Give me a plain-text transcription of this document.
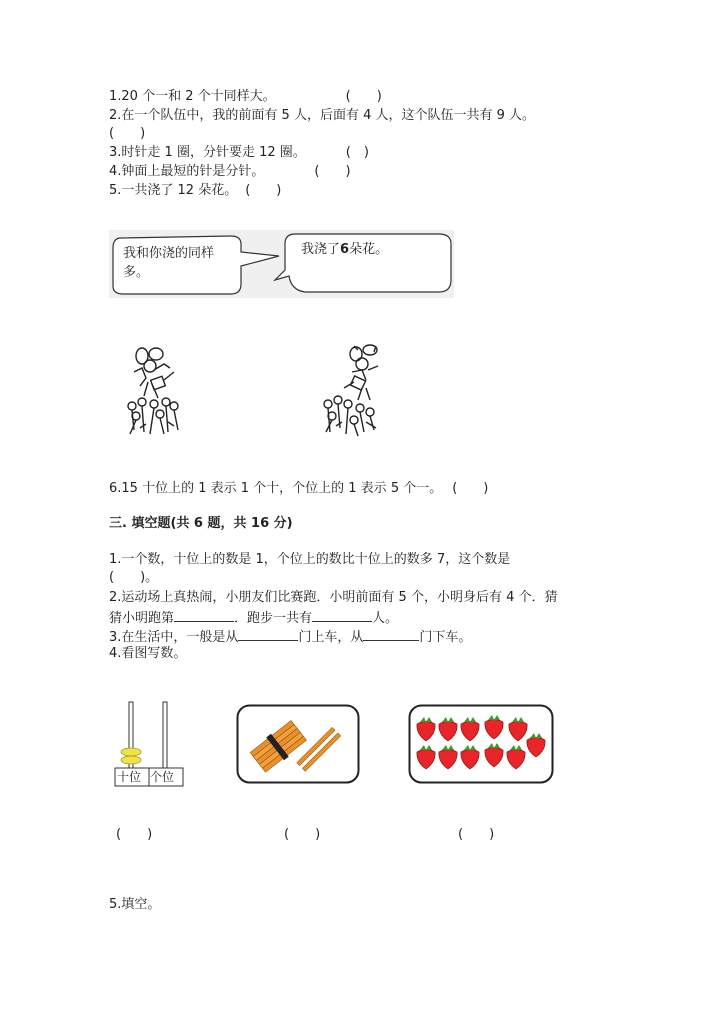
1.20 个一和 2 个十同样大。	(　　)
2.在一个队伍中，我的前面有 5 人，后面有 4 人，这个队伍一共有 9 人。
(　　)
3.时针走 1 圈，分针要走 12 圈。	(　)
4.钟面上最短的针是分针。	(　　)
5.一共浇了 12 朵花。 (　　)
我和你浇的同样
多。
我浇了6朵花。
6.15 十位上的 1 表示 1 个十，个位上的 1 表示 5 个一。 (　　)
三. 填空题(共 6 题，共 16 分)
1.一个数，十位上的数是 1，个位上的数比十位上的数多 7，这个数是
(　　)。
2.运动场上真热闹，小朋友们比赛跑．小明前面有 5 个，小明身后有 4 个．猜
猜小明跑第	．跑步一共有	人。
3.在生活中，一般是从	门上车，从	门下车。
4.看图写数。
十位 个位
(　　)	(　　)	(　　)
5.填空。
